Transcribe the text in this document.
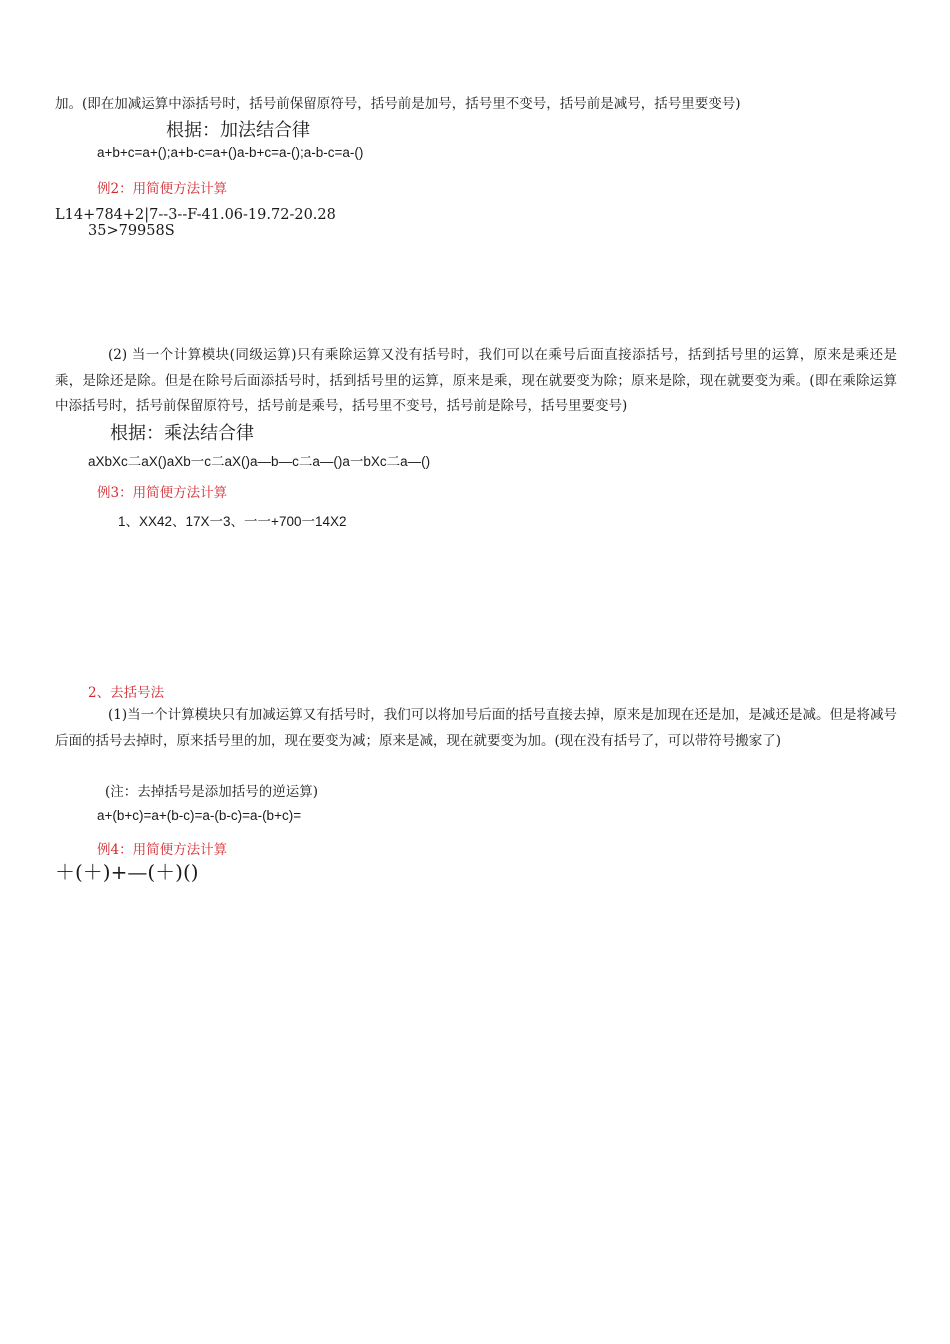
加。(即在加减运算中添括号时，括号前保留原符号，括号前是加号，括号里不变号，括号前是减号，括号里要变号)

根据：加法结合律

a+b+c=a+();a+b-c=a+()a-b+c=a-();a-b-c=a-()

例2：用简便方法计算

L14+784+2|7--3--F-41.06-19.72-20.28

35>79958S

(2) 当一个计算模块(同级运算)只有乘除运算又没有括号时，我们可以在乘号后面直接添括号，括到括号里的运算，原来是乘还是乘，是除还是除。但是在除号后面添括号时，括到括号里的运算，原来是乘，现在就要变为除；原来是除，现在就要变为乘。(即在乘除运算中添括号时，括号前保留原符号，括号前是乘号，括号里不变号，括号前是除号，括号里要变号)

根据：乘法结合律

aXbXc二aX()aXb一c二aX()a—b—c二a—()a一bXc二a—()

例3：用简便方法计算

1、XX42、17X一3、一一+700一14X2

2、去括号法

(1)当一个计算模块只有加减运算又有括号时，我们可以将加号后面的括号直接去掉，原来是加现在还是加，是减还是减。但是将减号后面的括号去掉时，原来括号里的加，现在要变为减；原来是减，现在就要变为加。(现在没有括号了，可以带符号搬家了)

(注：去掉括号是添加括号的逆运算)

a+(b+c)=a+(b-c)=a-(b-c)=a-(b+c)=

例4：用简便方法计算

＋(＋)+—(＋)()
